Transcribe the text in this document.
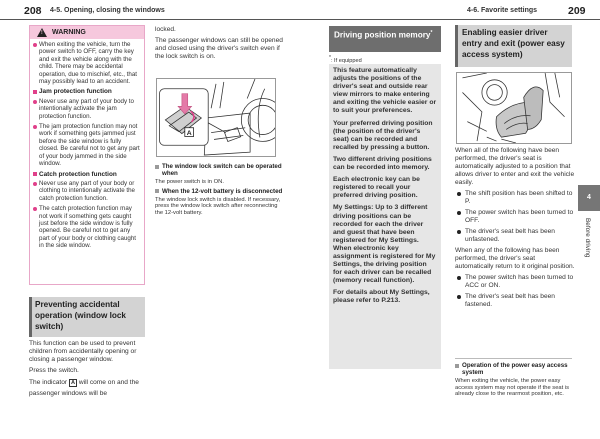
208 4-5. Opening, closing the windows	4-6. Favorite settings	209
!
WARNING
When exiting the vehicle, turn the power switch to OFF, carry the key and exit the vehicle along with the child. There may be accidental operation, due to mischief, etc., that may possibly lead to an accident.
Jam protection function
Never use any part of your body to intentionally activate the jam protection function.
The jam protection function may not work if something gets jammed just before the side window is fully closed. Be careful not to get any part of your body jammed in the side window.
Catch protection function
Never use any part of your body or clothing to intentionally activate the catch protection function.
The catch protection function may not work if something gets caught just before the side window is fully opened. Be careful not to get any part of your body or clothing caught in the side window.
Preventing accidental operation (window lock switch)

This function can be used to prevent children from accidentally opening or closing a passenger window.

Press the switch.

The indicator A will come on and the passenger windows will be

locked.

The passenger windows can still be opened and closed using the driver's switch even if the lock switch is on.

A
The window lock switch can be operated when

The power switch is in ON.

When the 12-volt battery is disconnected

The window lock switch is disabled. If necessary, press the window lock switch after reconnecting the 12-volt battery.

Driving position memory*
*: If equipped

This feature automatically adjusts the positions of the driver's seat and outside rear view mirrors to make entering and exiting the vehicle easier or to suit your preferences.

Your preferred driving position (the position of the driver's seat) can be recorded and recalled by pressing a button.

Two different driving positions can be recorded into memory.

Each electronic key can be registered to recall your preferred driving position.

My Settings: Up to 3 different driving positions can be recorded for each the driver and guest that have been registered for My Settings. When electronic key assignment is registered for My Settings, the driving position for each driver can be recalled (memory recall function).

For details about My Settings, please refer to P.213.

Enabling easier driver entry and exit (power easy access system)

When all of the following have been performed, the driver's seat is automatically adjusted to a position that allows driver to enter and exit the vehicle easily.

The shift position has been shifted to P.
The power switch has been turned to OFF.
The driver's seat belt has been unfastened.

When any of the following has been performed, the driver's seat automatically return to it original position.

The power switch has been turned to ACC or ON.
The driver's seat belt has been fastened.
Operation of the power easy access system

When exiting the vehicle, the power easy access system may not operate if the seat is already close to the rearmost position, etc.

4
Before driving
